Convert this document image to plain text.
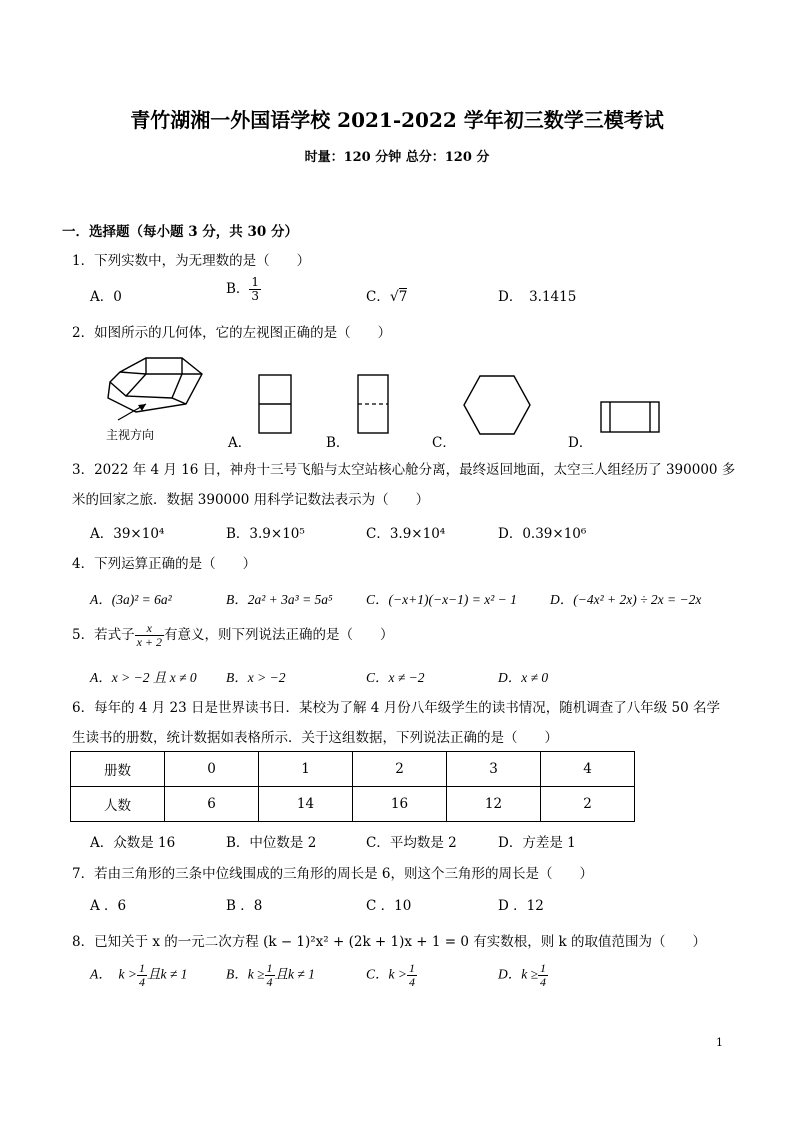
青竹湖湘一外国语学校 2021-2022 学年初三数学三模考试
时量：120 分钟 总分：120 分
一．选择题（每小题 3 分，共 30 分）
1．下列实数中，为无理数的是（　　）
A．0	B． $\frac{1}{3}$	C．√7	D．　3.1415
2．如图所示的几何体，它的左视图正确的是（　　）
主视方向	A．	B．	C．	D．
3．2022 年 4 月 16 日，神舟十三号飞船与太空站核心舱分离，最终返回地面，太空三人组经历了 390000 多
米的回家之旅．数据 390000 用科学记数法表示为（　　）
A．39×10⁴	B．3.9×10⁵	C．3.9×10⁴	D．0.39×10⁶
4．下列运算正确的是（　　）
A．(3a)² = 6a²	B．2a² + 3a³ = 5a⁵ C．(−x+1)(−x−1) = x² − 1 D．(−4x² + 2x) ÷ 2x = −2x
5．若式子 $\frac{x}{x + 2}$ 有意义，则下列说法正确的是（　　）
A．x > −2 且 x ≠ 0 B．x > −2	C．x ≠ −2	D．x ≠ 0
6．每年的 4 月 23 日是世界读书日．某校为了解 4 月份八年级学生的读书情况，随机调查了八年级 50 名学
生读书的册数，统计数据如表格所示．关于这组数据，下列说法正确的是（　　）
册数	0	1	2	3	4
人数	6	14	16	12	2
A．众数是 16	B．中位数是 2	C．平均数是 2	D．方差是 1
7．若由三角形的三条中位线围成的三角形的周长是 6，则这个三角形的周长是（　　）
A ．6	B ．8	C ．10	D ．12
8．已知关于 x 的一元二次方程 (k − 1)²x² + (2k + 1)x + 1 = 0 有实数根，则 k 的取值范围为（　　）
A．　$k > \frac{1}{4}$ 且k ≠ 1	B．$k \ge \frac{1}{4}$ 且k ≠ 1	C．$k > \frac{1}{4}$	D．$k \ge \frac{1}{4}$
1
